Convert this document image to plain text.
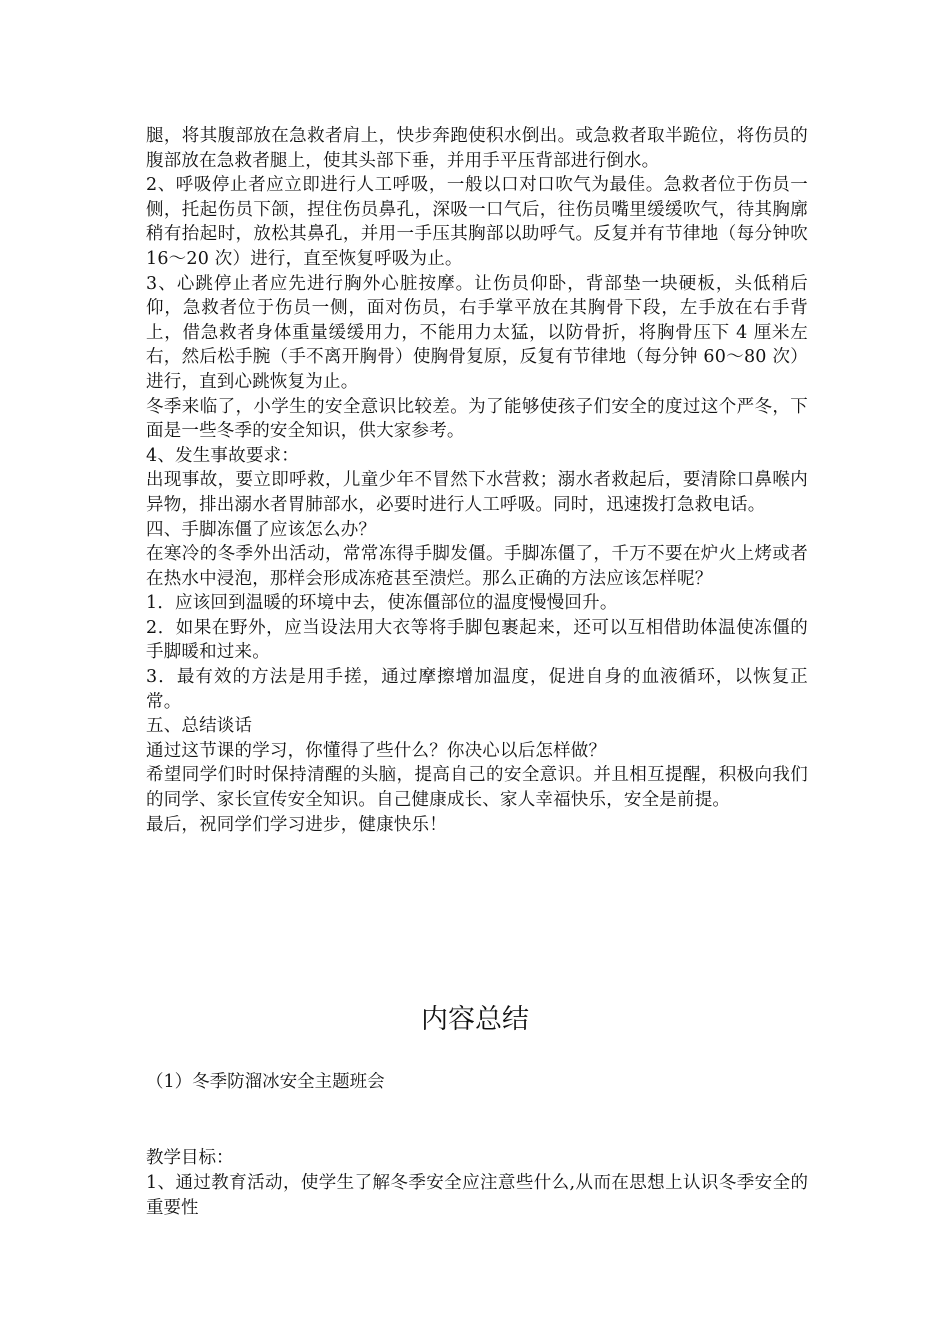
腿，将其腹部放在急救者肩上，快步奔跑使积水倒出。或急救者取半跪位，将伤员的腹部放在急救者腿上，使其头部下垂，并用手平压背部进行倒水。

2、呼吸停止者应立即进行人工呼吸，一般以口对口吹气为最佳。急救者位于伤员一侧，托起伤员下颌，捏住伤员鼻孔，深吸一口气后，往伤员嘴里缓缓吹气，待其胸廓稍有抬起时，放松其鼻孔，并用一手压其胸部以助呼气。反复并有节律地（每分钟吹 16～20 次）进行，直至恢复呼吸为止。

3、心跳停止者应先进行胸外心脏按摩。让伤员仰卧，背部垫一块硬板，头低稍后仰，急救者位于伤员一侧，面对伤员，右手掌平放在其胸骨下段，左手放在右手背上，借急救者身体重量缓缓用力，不能用力太猛，以防骨折，将胸骨压下 4 厘米左右，然后松手腕（手不离开胸骨）使胸骨复原，反复有节律地（每分钟 60～80 次）进行，直到心跳恢复为止。

冬季来临了，小学生的安全意识比较差。为了能够使孩子们安全的度过这个严冬，下面是一些冬季的安全知识，供大家参考。

4、发生事故要求：

出现事故，要立即呼救，儿童少年不冒然下水营救；溺水者救起后，要清除口鼻喉内异物，排出溺水者胃肺部水，必要时进行人工呼吸。同时，迅速拨打急救电话。

四、手脚冻僵了应该怎么办？

在寒冷的冬季外出活动，常常冻得手脚发僵。手脚冻僵了，千万不要在炉火上烤或者在热水中浸泡，那样会形成冻疮甚至溃烂。那么正确的方法应该怎样呢？

1．应该回到温暖的环境中去，使冻僵部位的温度慢慢回升。

2．如果在野外，应当设法用大衣等将手脚包裹起来，还可以互相借助体温使冻僵的手脚暖和过来。

3．最有效的方法是用手搓，通过摩擦增加温度，促进自身的血液循环，以恢复正常。

五、总结谈话

通过这节课的学习，你懂得了些什么？你决心以后怎样做？

希望同学们时时保持清醒的头脑，提高自己的安全意识。并且相互提醒，积极向我们的同学、家长宣传安全知识。自己健康成长、家人幸福快乐，安全是前提。

最后，祝同学们学习进步，健康快乐！

内容总结

（1）冬季防溜冰安全主题班会

教学目标：

1、通过教育活动，使学生了解冬季安全应注意些什么,从而在思想上认识冬季安全的重要性
